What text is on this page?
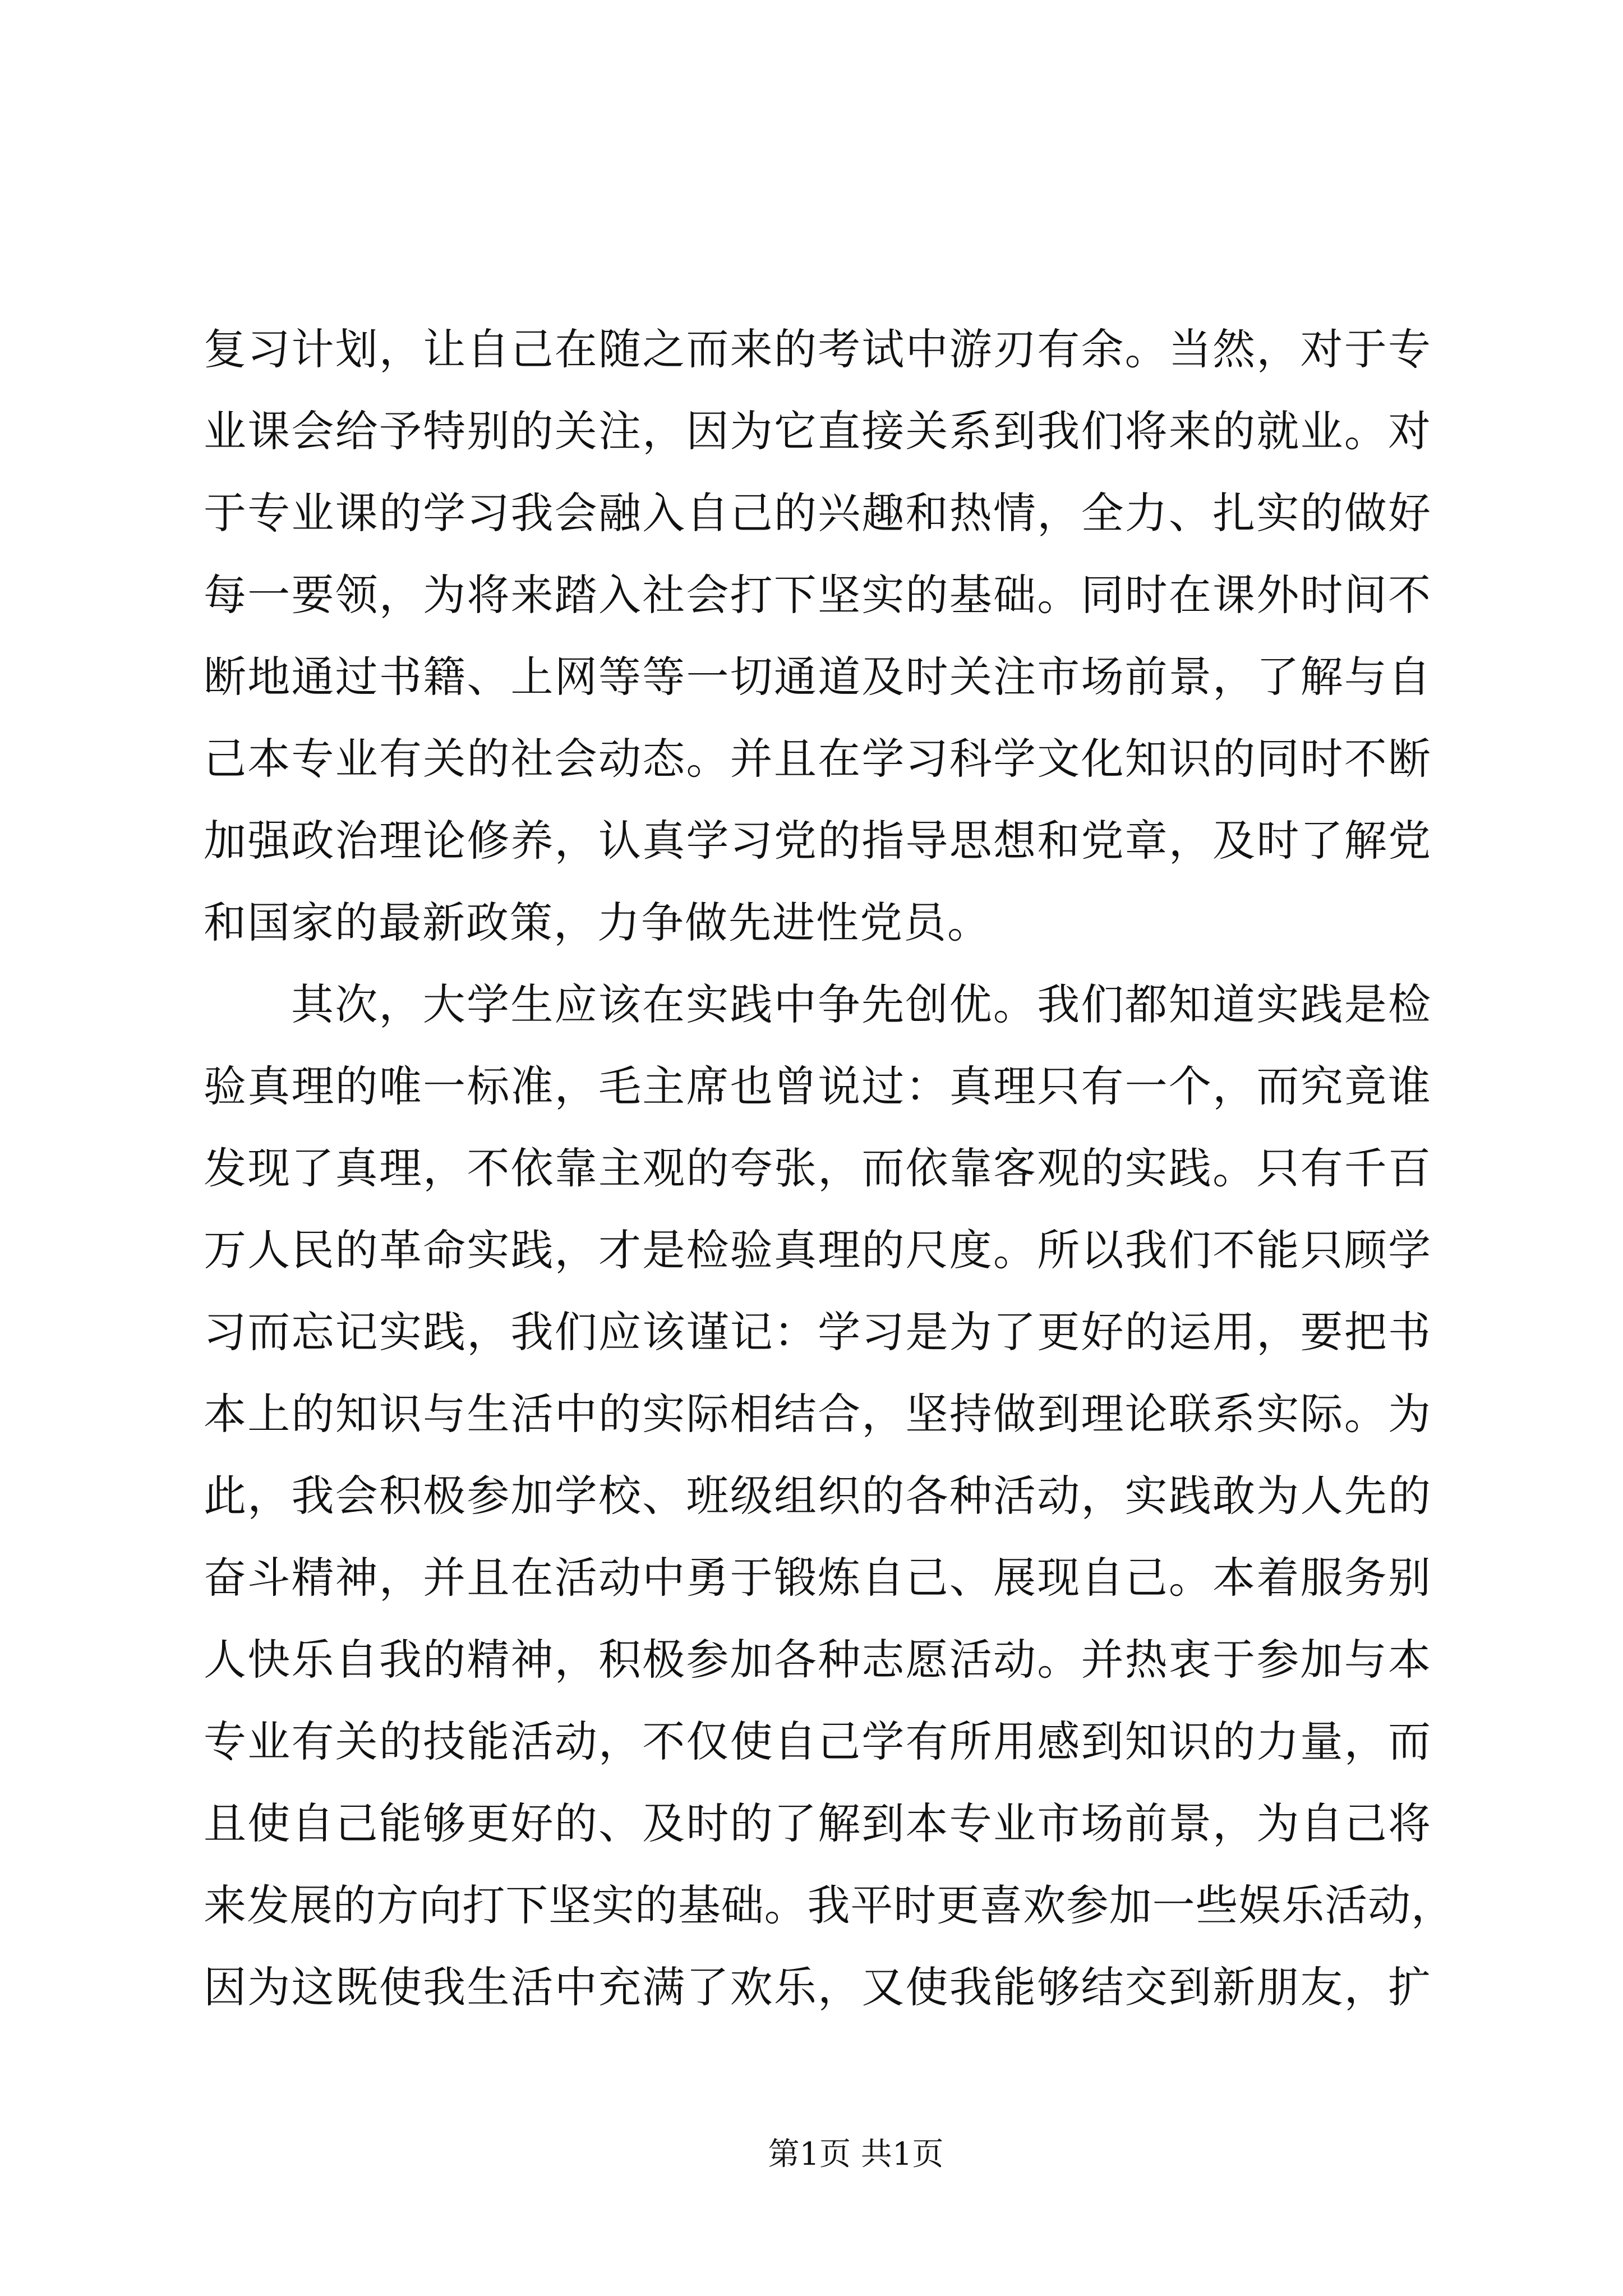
复习计划，让自己在随之而来的考试中游刃有余。当然，对于专
业课会给予特别的关注，因为它直接关系到我们将来的就业。对
于专业课的学习我会融入自己的兴趣和热情，全力、扎实的做好
每一要领，为将来踏入社会打下坚实的基础。同时在课外时间不
断地通过书籍、上网等等一切通道及时关注市场前景，了解与自
己本专业有关的社会动态。并且在学习科学文化知识的同时不断
加强政治理论修养，认真学习党的指导思想和党章，及时了解党
和国家的最新政策，力争做先进性党员。
其次，大学生应该在实践中争先创优。我们都知道实践是检
验真理的唯一标准，毛主席也曾说过：真理只有一个，而究竟谁
发现了真理，不依靠主观的夸张，而依靠客观的实践。只有千百
万人民的革命实践，才是检验真理的尺度。所以我们不能只顾学
习而忘记实践，我们应该谨记：学习是为了更好的运用，要把书
本上的知识与生活中的实际相结合，坚持做到理论联系实际。为
此，我会积极参加学校、班级组织的各种活动，实践敢为人先的
奋斗精神，并且在活动中勇于锻炼自己、展现自己。本着服务别
人快乐自我的精神，积极参加各种志愿活动。并热衷于参加与本
专业有关的技能活动，不仅使自己学有所用感到知识的力量，而
且使自己能够更好的、及时的了解到本专业市场前景，为自己将
来发展的方向打下坚实的基础。我平时更喜欢参加一些娱乐活动，
因为这既使我生活中充满了欢乐，又使我能够结交到新朋友，扩
第1页 共1页
